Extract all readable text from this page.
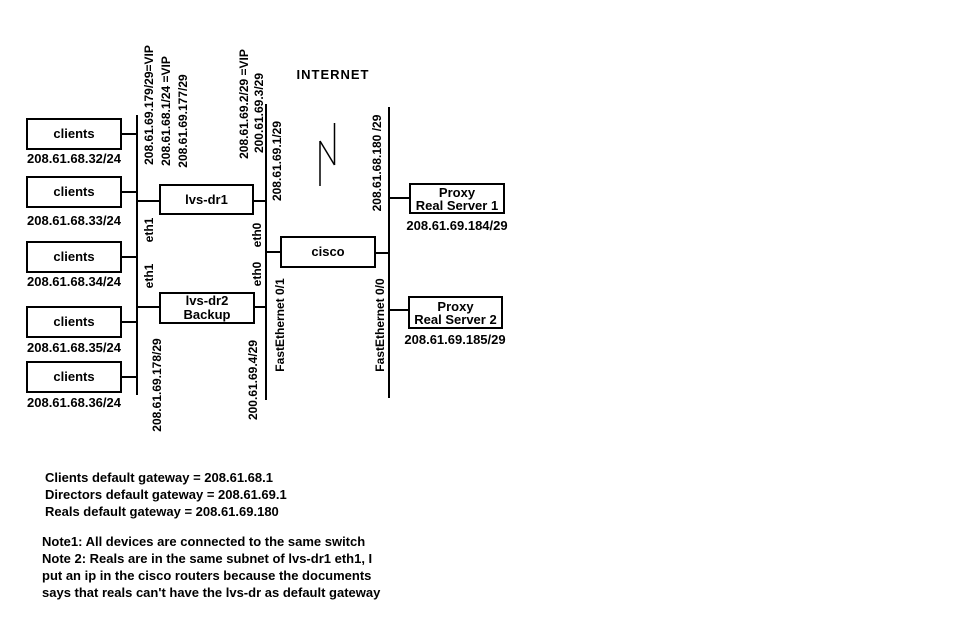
INTERNET
clients
clients
clients
clients
clients
208.61.68.32/24
208.61.68.33/24
208.61.68.34/24
208.61.68.35/24
208.61.68.36/24
lvs-dr1
lvs-dr2
Backup
cisco
Proxy
Real Server 1
208.61.69.184/29
Proxy
Real Server 2
208.61.69.185/29
208.61.69.179/29=VIP 208.61.68.1/24 =VIP 208.61.69.177/29	208.61.69.2/29 =VIP 200.61.69.3/29
208.61.69.1/29	208.61.68.180 /29
eth1
eth1
eth0
eth0
FastEthernet 0/1	FastEthernet 0/0
208.61.69.178/29	200.61.69.4/29
Clients default gateway = 208.61.68.1
Directors default gateway = 208.61.69.1
Reals default gateway = 208.61.69.180
Note1: All devices are connected to the same switch
Note 2: Reals are in the same subnet of lvs-dr1 eth1, I
put an ip in the cisco routers because the documents
says that reals can't have the lvs-dr as default gateway
